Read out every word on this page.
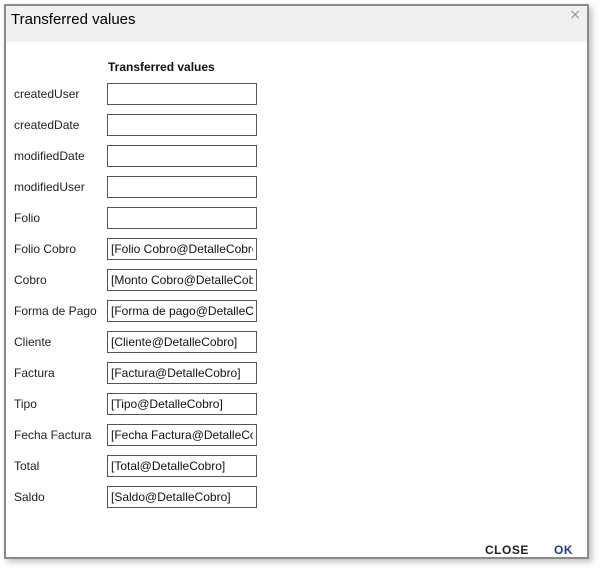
Transferred values	×
Transferred values
createdUser
createdDate
modifiedDate
modifiedUser
Folio
Folio Cobro
[Folio Cobro@DetalleCobro]
Cobro
[Monto Cobro@DetalleCobro]
Forma de Pago
[Forma de pago@DetalleCobro]
Cliente
[Cliente@DetalleCobro]
Factura
[Factura@DetalleCobro]
Tipo
[Tipo@DetalleCobro]
Fecha Factura
[Fecha Factura@DetalleCobro]
Total
[Total@DetalleCobro]
Saldo
[Saldo@DetalleCobro]
CLOSE OK
